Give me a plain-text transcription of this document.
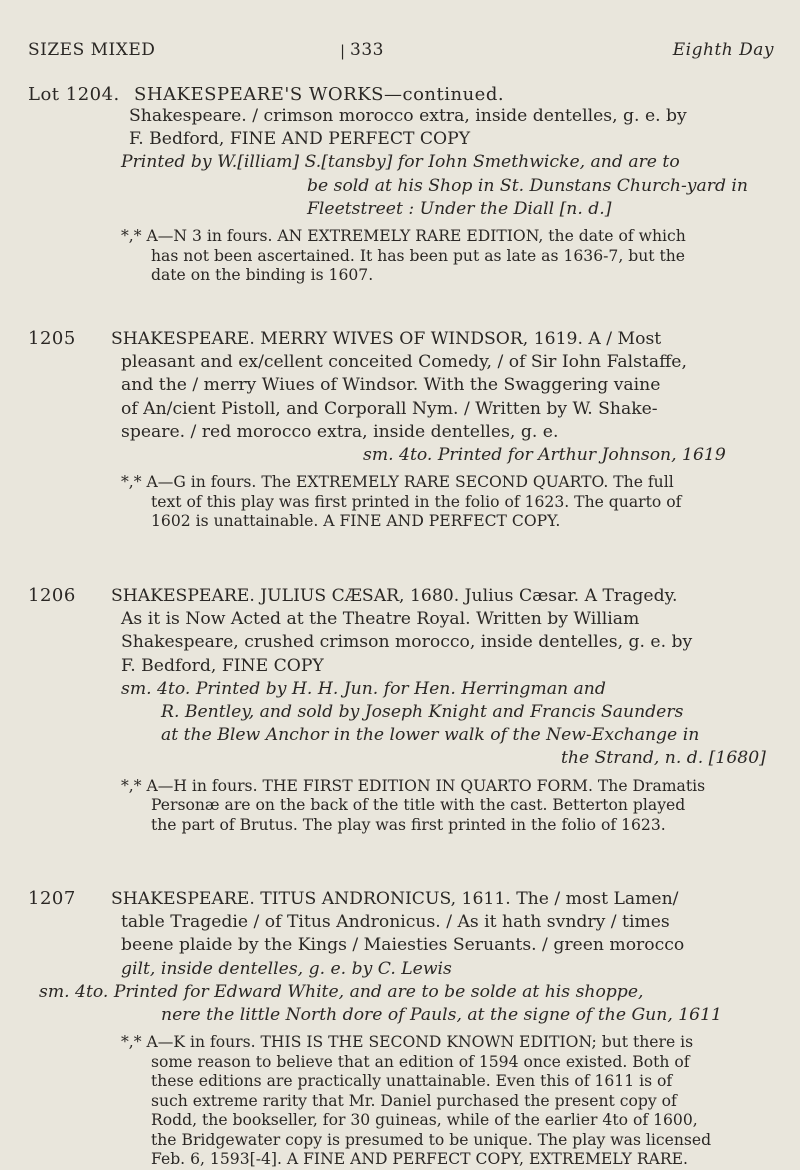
SIZES MIXED	| 333	Eighth Day
Lot 1204. SHAKESPEARE'S WORKS—continued.
Shakespeare. / crimson morocco extra, inside dentelles, g. e. by
F. Bedford, FINE AND PERFECT COPY
Printed by W.[illiam] S.[tansby] for Iohn Smethwicke, and are to
be sold at his Shop in St. Dunstans Church-yard in
Fleetstreet : Under the Diall [n. d.]
*,* A—N 3 in fours. AN EXTREMELY RARE EDITION, the date of which
has not been ascertained. It has been put as late as 1636-7, but the
date on the binding is 1607.
1205 SHAKESPEARE. MERRY WIVES OF WINDSOR, 1619. A / Most
pleasant and ex/cellent conceited Comedy, / of Sir Iohn Falstaffe,
and the / merry Wiues of Windsor. With the Swaggering vaine
of An/cient Pistoll, and Corporall Nym. / Written by W. Shake-
speare. / red morocco extra, inside dentelles, g. e.
sm. 4to. Printed for Arthur Johnson, 1619
*,* A—G in fours. The EXTREMELY RARE SECOND QUARTO. The full
text of this play was first printed in the folio of 1623. The quarto of
1602 is unattainable. A FINE AND PERFECT COPY.
1206 SHAKESPEARE. JULIUS CÆSAR, 1680. Julius Cæsar. A Tragedy.
As it is Now Acted at the Theatre Royal. Written by William
Shakespeare, crushed crimson morocco, inside dentelles, g. e. by
F. Bedford, FINE COPY
sm. 4to. Printed by H. H. Jun. for Hen. Herringman and
R. Bentley, and sold by Joseph Knight and Francis Saunders
at the Blew Anchor in the lower walk of the New-Exchange in
the Strand, n. d. [1680]
*,* A—H in fours. THE FIRST EDITION IN QUARTO FORM. The Dramatis
Personæ are on the back of the title with the cast. Betterton played
the part of Brutus. The play was first printed in the folio of 1623.
1207 SHAKESPEARE. TITUS ANDRONICUS, 1611. The / most Lamen/
table Tragedie / of Titus Andronicus. / As it hath svndry / times
beene plaide by the Kings / Maiesties Seruants. / green morocco
gilt, inside dentelles, g. e. by C. Lewis
sm. 4to. Printed for Edward White, and are to be solde at his shoppe,
nere the little North dore of Pauls, at the signe of the Gun, 1611
*,* A—K in fours. THIS IS THE SECOND KNOWN EDITION; but there is
some reason to believe that an edition of 1594 once existed. Both of
these editions are practically unattainable. Even this of 1611 is of
such extreme rarity that Mr. Daniel purchased the present copy of
Rodd, the bookseller, for 30 guineas, while of the earlier 4to of 1600,
the Bridgewater copy is presumed to be unique. The play was licensed
Feb. 6, 1593[-4]. A FINE AND PERFECT COPY, EXTREMELY RARE.
